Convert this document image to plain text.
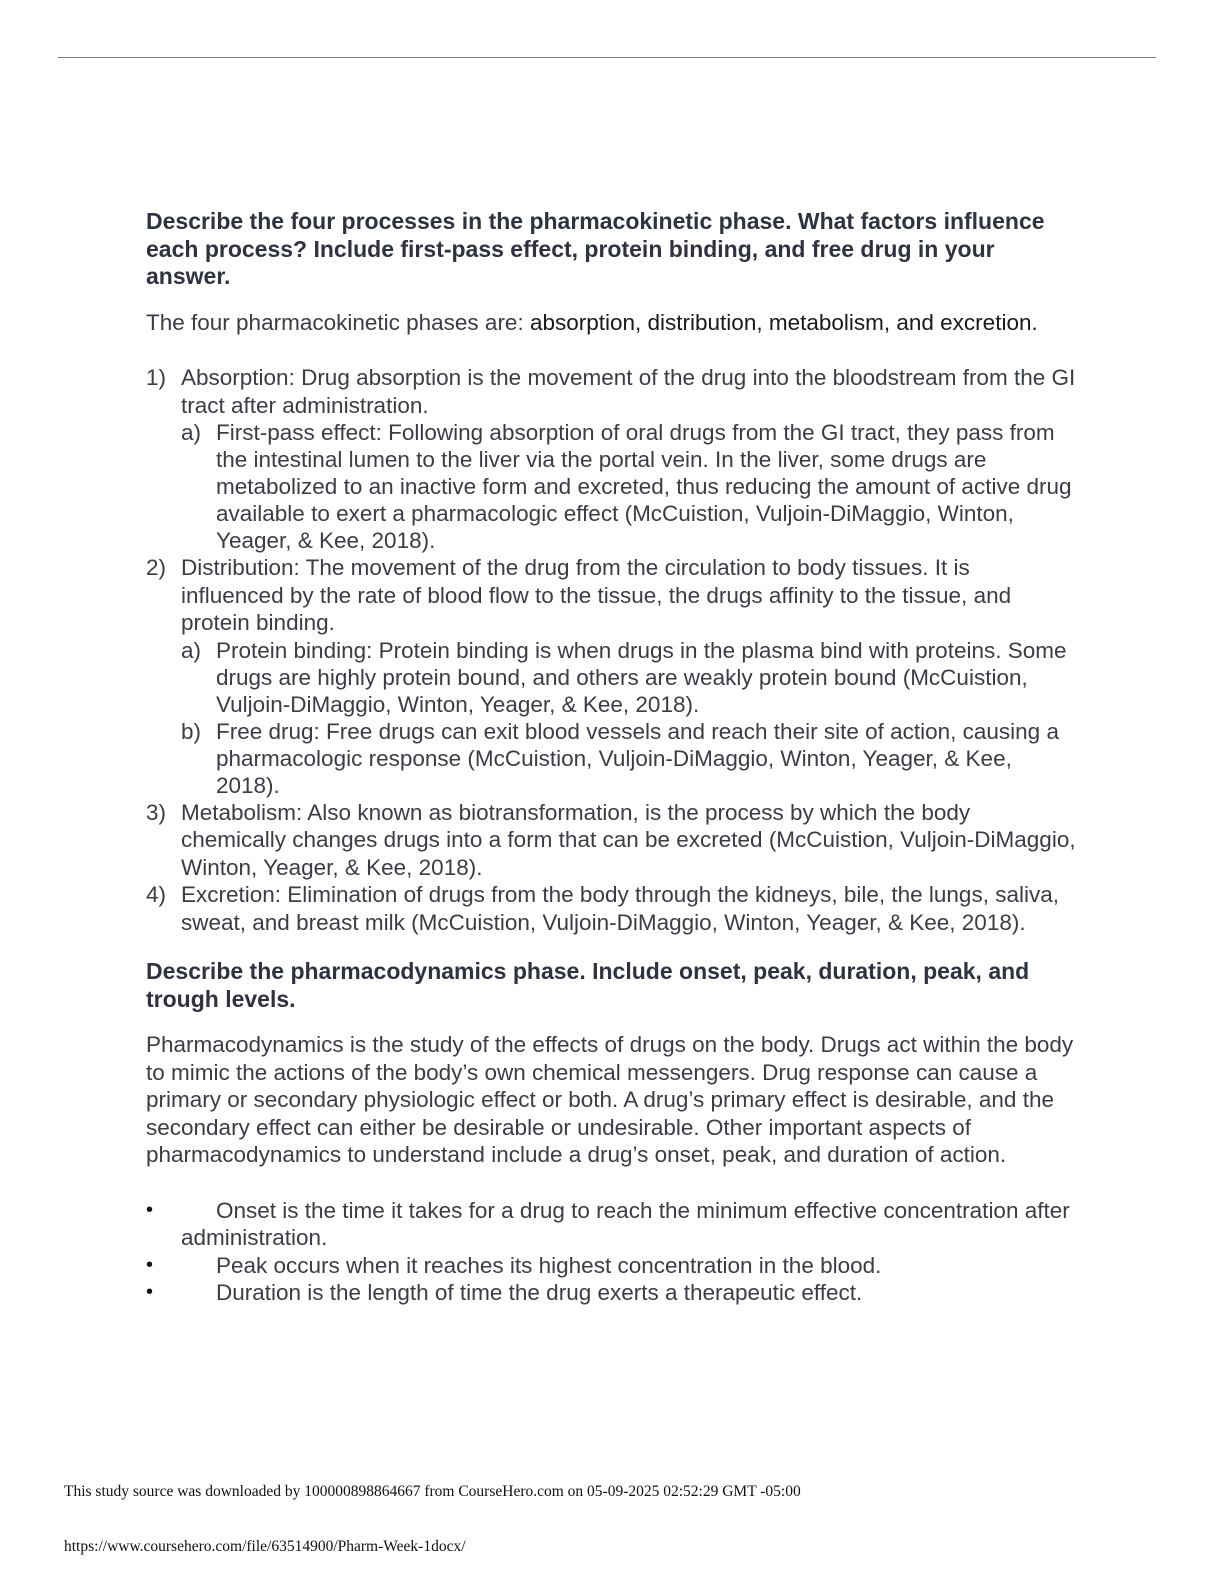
Describe the four processes in the pharmacokinetic phase. What factors influence each process? Include first-pass effect, protein binding, and free drug in your answer.

The four pharmacokinetic phases are: absorption, distribution, metabolism, and excretion.

1) Absorption: Drug absorption is the movement of the drug into the bloodstream from the GI tract after administration.
a) First-pass effect: Following absorption of oral drugs from the GI tract, they pass from the intestinal lumen to the liver via the portal vein. In the liver, some drugs are metabolized to an inactive form and excreted, thus reducing the amount of active drug available to exert a pharmacologic effect (McCuistion, Vuljoin-DiMaggio, Winton, Yeager, & Kee, 2018).
2) Distribution: The movement of the drug from the circulation to body tissues. It is influenced by the rate of blood flow to the tissue, the drugs affinity to the tissue, and protein binding.
a) Protein binding: Protein binding is when drugs in the plasma bind with proteins. Some drugs are highly protein bound, and others are weakly protein bound (McCuistion, Vuljoin-DiMaggio, Winton, Yeager, & Kee, 2018).
b) Free drug: Free drugs can exit blood vessels and reach their site of action, causing a pharmacologic response (McCuistion, Vuljoin-DiMaggio, Winton, Yeager, & Kee, 2018).
3) Metabolism: Also known as biotransformation, is the process by which the body chemically changes drugs into a form that can be excreted (McCuistion, Vuljoin-DiMaggio, Winton, Yeager, & Kee, 2018).
4) Excretion: Elimination of drugs from the body through the kidneys, bile, the lungs, saliva, sweat, and breast milk (McCuistion, Vuljoin-DiMaggio, Winton, Yeager, & Kee, 2018).

Describe the pharmacodynamics phase. Include onset, peak, duration, peak, and trough levels.

Pharmacodynamics is the study of the effects of drugs on the body. Drugs act within the body to mimic the actions of the body’s own chemical messengers. Drug response can cause a primary or secondary physiologic effect or both. A drug’s primary effect is desirable, and the secondary effect can either be desirable or undesirable. Other important aspects of pharmacodynamics to understand include a drug’s onset, peak, and duration of action.

•	Onset is the time it takes for a drug to reach the minimum effective concentration after administration.
•	Peak occurs when it reaches its highest concentration in the blood.
•	Duration is the length of time the drug exerts a therapeutic effect.
This study source was downloaded by 100000898864667 from CourseHero.com on 05-09-2025 02:52:29 GMT -05:00
https://www.coursehero.com/file/63514900/Pharm-Week-1docx/
